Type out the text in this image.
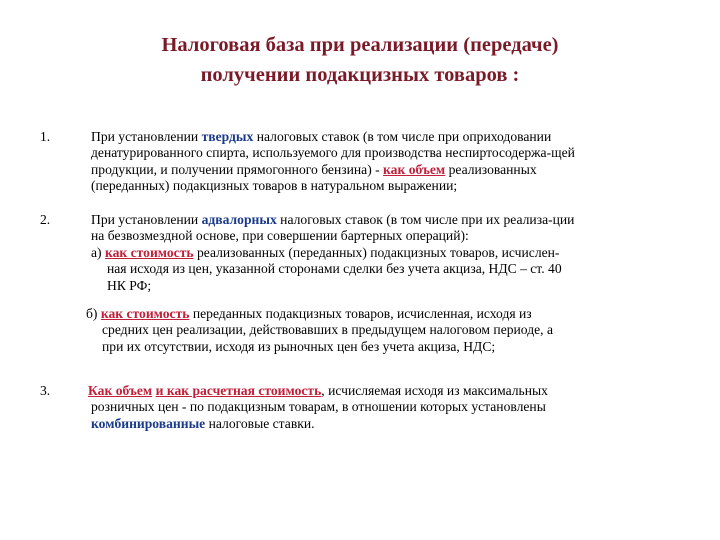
Налоговая база при реализации (передаче)
получении подакцизных товаров :
1.	При установлении твердых налоговых ставок (в том числе при оприходовании
денатурированного спирта, используемого для производства неспиртосодержа-щей
продукции, и получении прямогонного бензина) - как объем реализованных
(переданных) подакцизных товаров в натуральном выражении;
2.	При установлении адвалорных налоговых ставок (в том числе при их реализа-ции
на безвозмездной основе, при совершении бартерных операций):
а) как стоимость реализованных (переданных) подакцизных товаров, исчислен-
ная исходя из цен, указанной сторонами сделки без учета акциза, НДС – ст. 40
НК РФ;
б) как стоимость переданных подакцизных товаров, исчисленная, исходя из
средних цен реализации, действовавших в предыдущем налоговом периоде, а
при их отсутствии, исходя из рыночных цен без учета акциза, НДС;
3.	Как объем и как расчетная стоимость, исчисляемая исходя из максимальных
розничных цен - по подакцизным товарам, в отношении которых установлены
комбинированные налоговые ставки.
